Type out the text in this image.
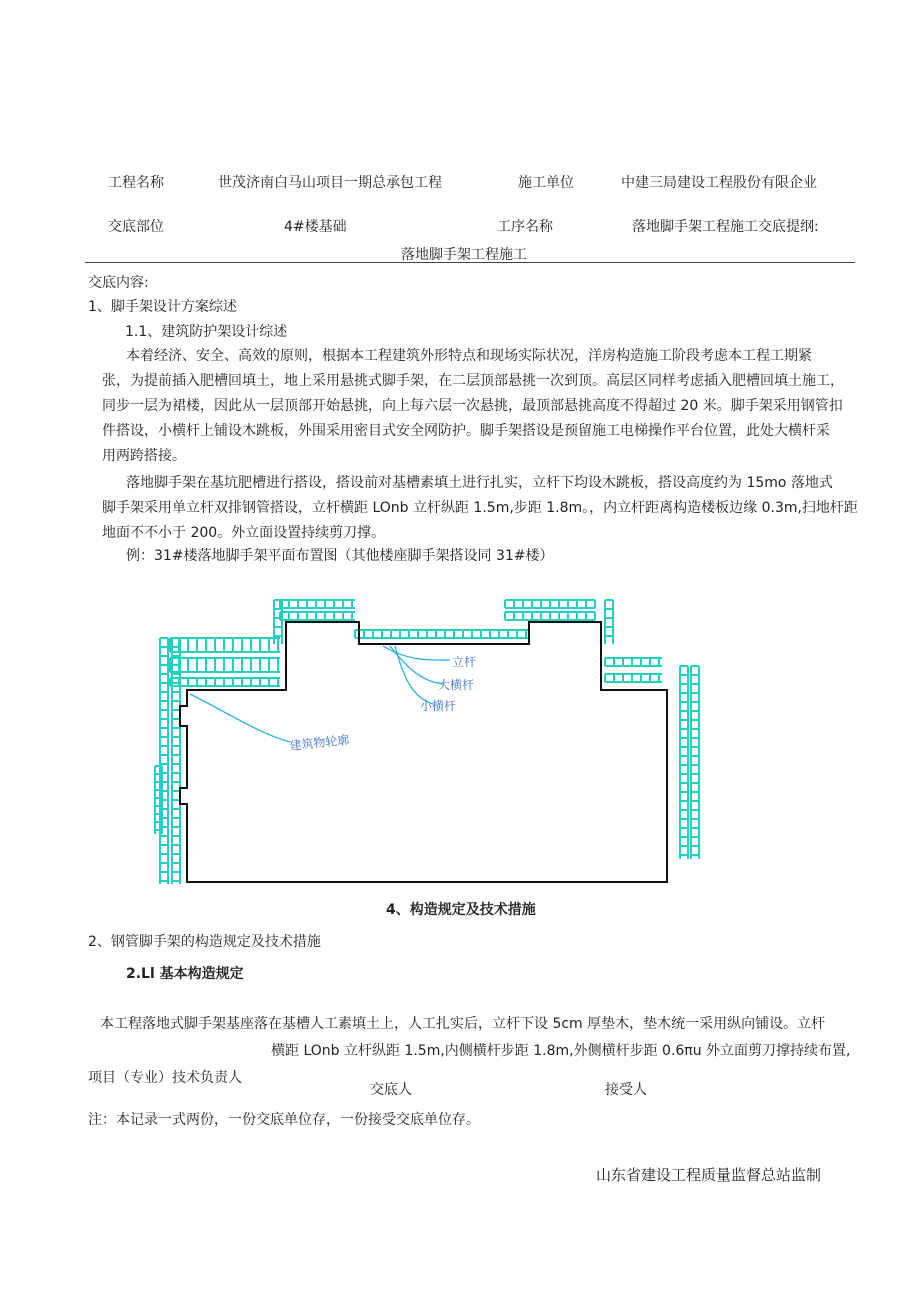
工程名称	世茂济南白马山项目一期总承包工程	施工单位	中建三局建设工程股份有限企业
交底部位	4#楼基础	工序名称	落地脚手架工程施工交底提纲:
落地脚手架工程施工
交底内容:
1、脚手架设计方案综述
1.1、建筑防护架设计综述
本着经济、安全、高效的原则，根据本工程建筑外形特点和现场实际状况，洋房构造施工阶段考虑本工程工期紧
张，为提前插入肥槽回填土，地上采用悬挑式脚手架，在二层顶部悬挑一次到顶。高层区同样考虑插入肥槽回填土施工，
同步一层为裙楼，因此从一层顶部开始悬挑，向上每六层一次悬挑，最顶部悬挑高度不得超过 20 米。脚手架采用钢管扣
件搭设，小横杆上铺设木跳板，外围采用密目式安全网防护。脚手架搭设是预留施工电梯操作平台位置，此处大横杆采
用两跨搭接。
落地脚手架在基坑肥槽进行搭设，搭设前对基槽素填土进行扎实，立杆下均设木跳板，搭设高度约为 15mo 落地式
脚手架采用单立杆双排钢管搭设，立杆横距 LOnb 立杆纵距 1.5m,步距 1.8m。，内立杆距离构造楼板边缘 0.3m,扫地杆距
地面不不小于 200。外立面设置持续剪刀撑。
例：31#楼落地脚手架平面布置图（其他楼座脚手架搭设同 31#楼）
立杆
大横杆
小横杆
建筑物轮廓
4、构造规定及技术措施
2、钢管脚手架的构造规定及技术措施
2.Ll 基本构造规定
本工程落地式脚手架基座落在基槽人工素填土上，人工扎实后，立杆下设 5cm 厚垫木，垫木统一采用纵向铺设。立杆
横距 LOnb 立杆纵距 1.5m,内侧横杆步距 1.8m,外侧横杆步距 0.6πu 外立面剪刀撑持续布置,
项目（专业）技术负责人
交底人	接受人
注：本记录一式两份，一份交底单位存，一份接受交底单位存。
山东省建设工程质量监督总站监制
